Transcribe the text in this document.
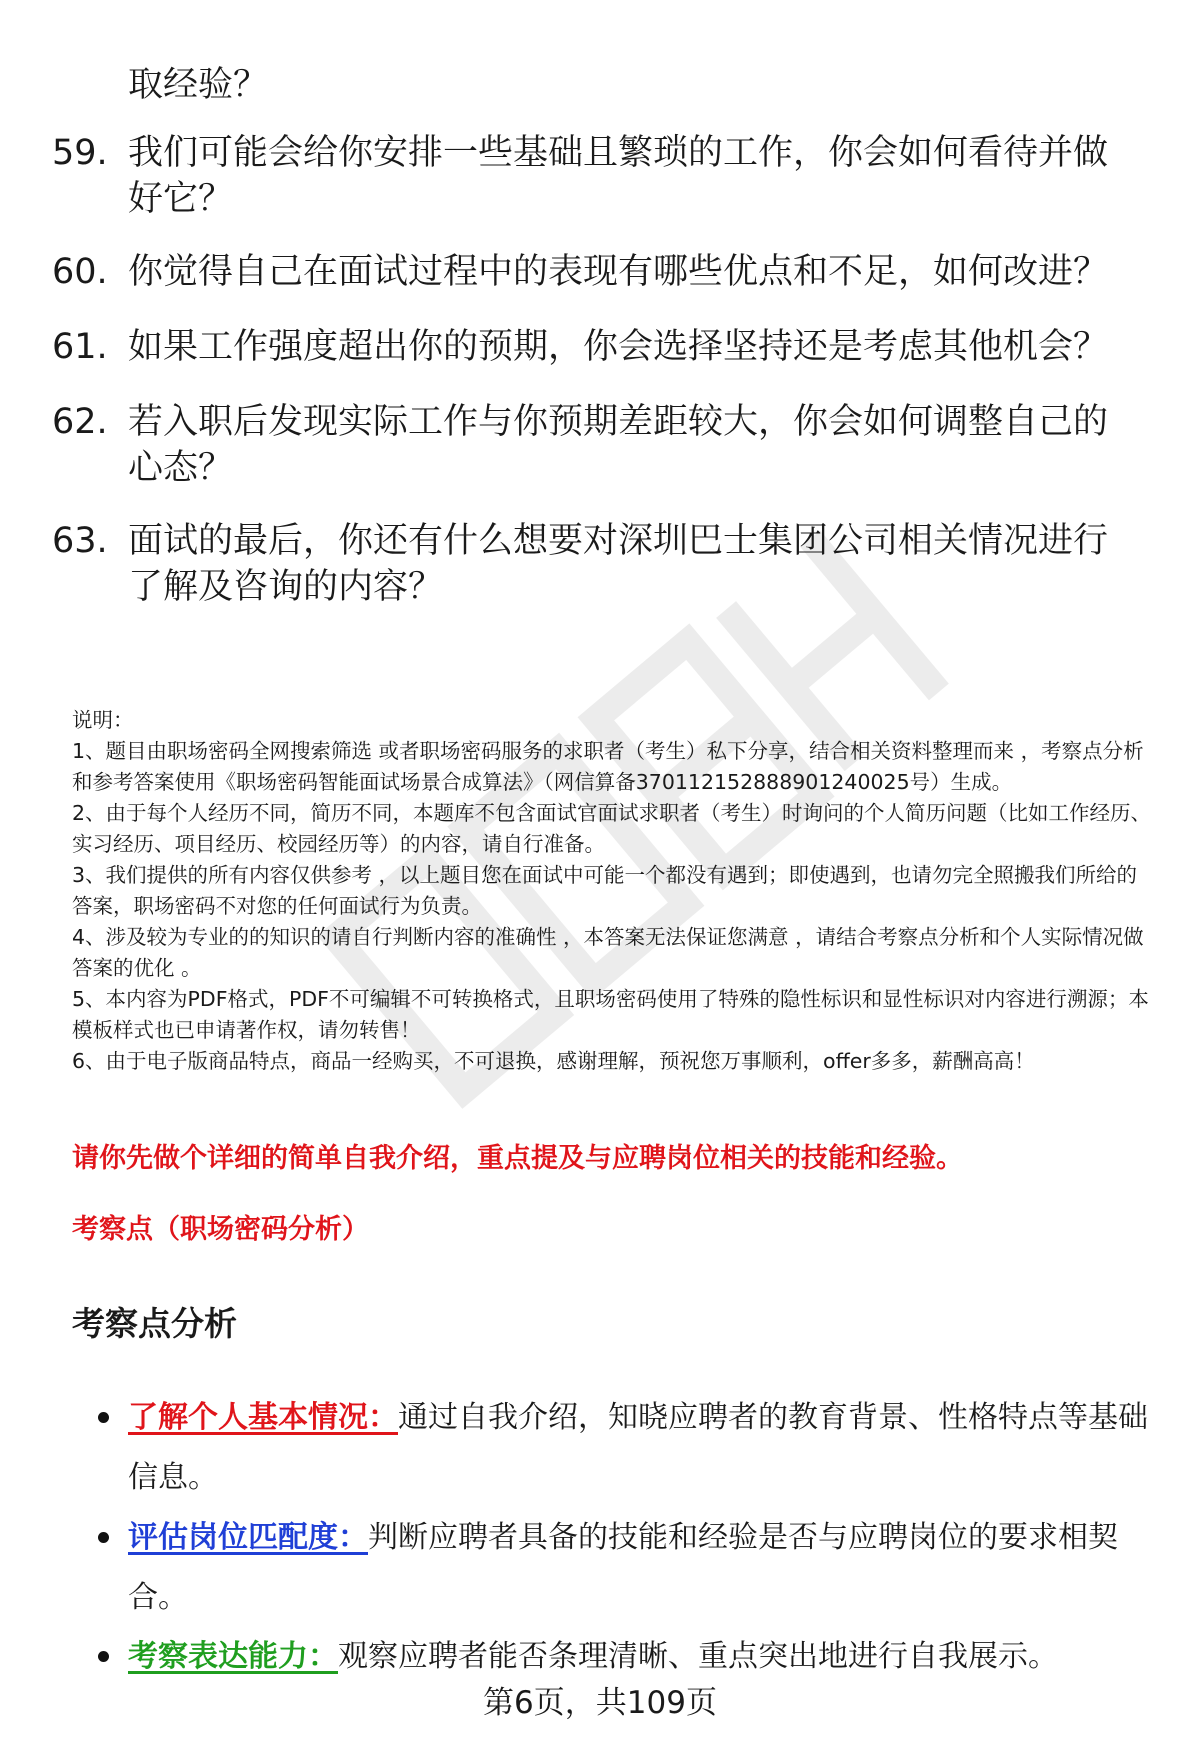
取经验？
59. 我们可能会给你安排一些基础且繁琐的工作，你会如何看待并做好它？
60. 你觉得自己在面试过程中的表现有哪些优点和不足，如何改进？
61. 如果工作强度超出你的预期，你会选择坚持还是考虑其他机会？
62. 若入职后发现实际工作与你预期差距较大，你会如何调整自己的心态？
63. 面试的最后，你还有什么想要对深圳巴士集团公司相关情况进行了解及咨询的内容？

说明：

1、题目由职场密码全网搜索筛选 或者职场密码服务的求职者（考生）私下分享，结合相关资料整理而来 ，考察点分析和参考答案使用《职场密码智能面试场景合成算法》（网信算备370112152888901240025号）生成。

2、由于每个人经历不同，简历不同，本题库不包含面试官面试求职者（考生）时询问的个人简历问题（比如工作经历、实习经历、项目经历、校园经历等）的内容，请自行准备。

3、我们提供的所有内容仅供参考 ，以上题目您在面试中可能一个都没有遇到；即使遇到，也请勿完全照搬我们所给的答案，职场密码不对您的任何面试行为负责。

4、涉及较为专业的的知识的请自行判断内容的准确性 ，本答案无法保证您满意 ，请结合考察点分析和个人实际情况做答案的优化 。

5、本内容为PDF格式，PDF不可编辑不可转换格式，且职场密码使用了特殊的隐性标识和显性标识对内容进行溯源；本模板样式也已申请著作权，请勿转售！

6、由于电子版商品特点，商品一经购买，不可退换，感谢理解，预祝您万事顺利，offer多多，薪酬高高！

请你先做个详细的简单自我介绍，重点提及与应聘岗位相关的技能和经验。
考察点（职场密码分析）
考察点分析
了解个人基本情况：通过自我介绍，知晓应聘者的教育背景、性格特点等基础信息。
评估岗位匹配度：判断应聘者具备的技能和经验是否与应聘岗位的要求相契合。
考察表达能力：观察应聘者能否条理清晰、重点突出地进行自我展示。
第6页，共109页
